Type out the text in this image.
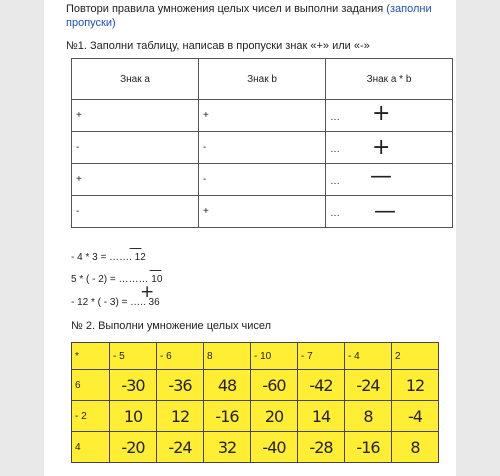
Повтори правила умножения целых чисел и выполни задания (заполни пропуски)
№1. Заполни таблицу, написав в пропуски знак «+» или «-»
Знак a	Знак b	Знак a * b
+	+	… +

-	-	… +

+	-	… —

-	+	… —
- 4 * 3 = ……. 12
—
5 * ( - 2) = ……… 10
—
- 12 * ( - 3) = ….. 36
+
№ 2. Выполни умножение целых чисел
*	- 5	- 6	8	- 10	- 7	- 4	2
6	-30	-36	48	-60	-42	-24	12
- 2	10	12	-16	20	14	8	-4
4	-20	-24	32	-40	-28	-16	8
